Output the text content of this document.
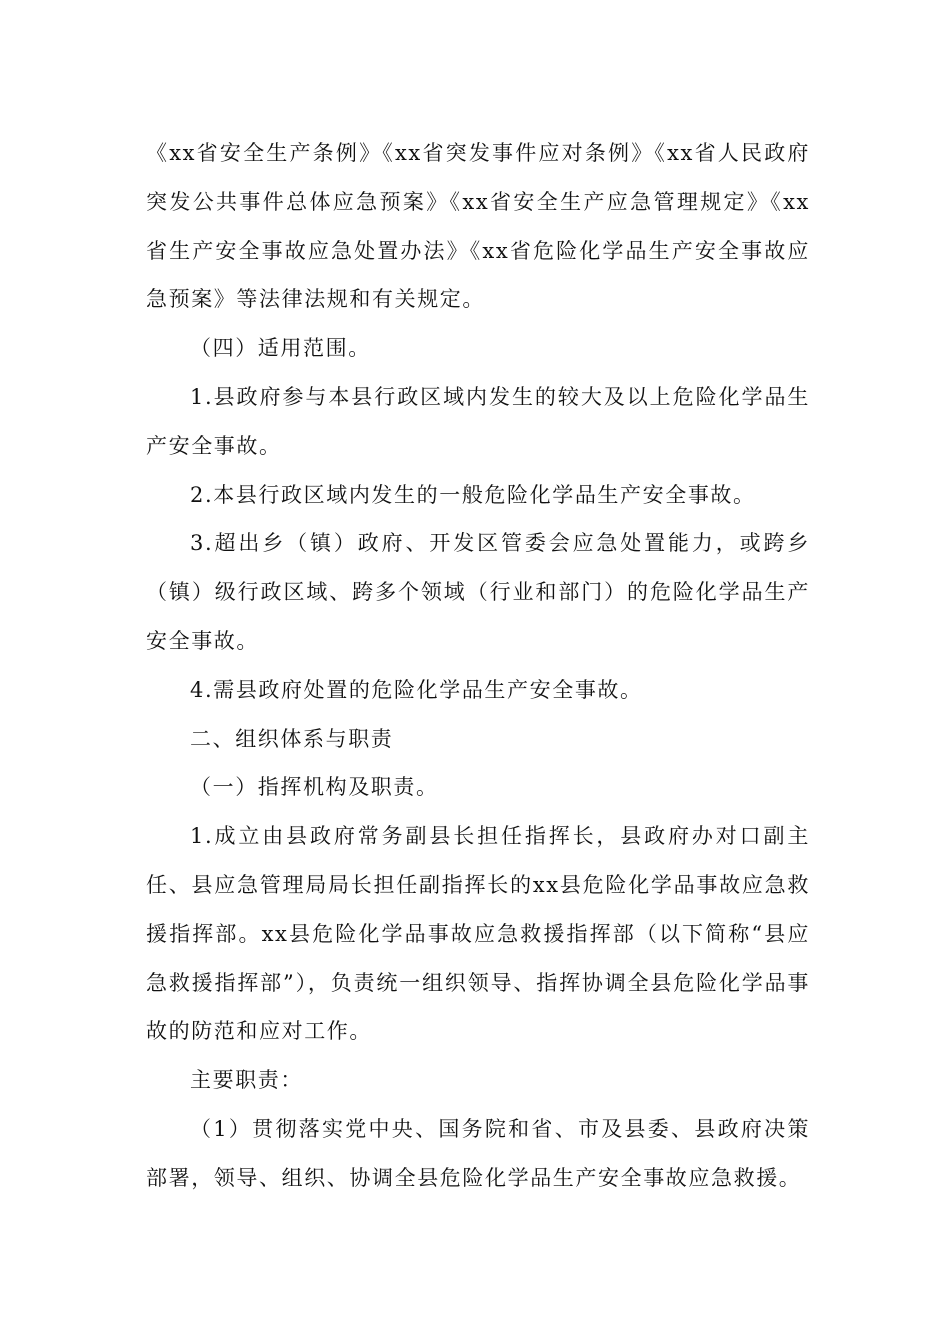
《xx省安全生产条例》《xx省突发事件应对条例》《xx省人民政府突发公共事件总体应急预案》《xx省安全生产应急管理规定》《xx省生产安全事故应急处置办法》《xx省危险化学品生产安全事故应急预案》等法律法规和有关规定。

（四）适用范围。

1.县政府参与本县行政区域内发生的较大及以上危险化学品生产安全事故。

2.本县行政区域内发生的一般危险化学品生产安全事故。

3.超出乡（镇）政府、开发区管委会应急处置能力，或跨乡（镇）级行政区域、跨多个领域（行业和部门）的危险化学品生产安全事故。

4.需县政府处置的危险化学品生产安全事故。

二、组织体系与职责

（一）指挥机构及职责。

1.成立由县政府常务副县长担任指挥长，县政府办对口副主任、县应急管理局局长担任副指挥长的xx县危险化学品事故应急救援指挥部。xx县危险化学品事故应急救援指挥部（以下简称“县应急救援指挥部”），负责统一组织领导、指挥协调全县危险化学品事故的防范和应对工作。

主要职责：

（1）贯彻落实党中央、国务院和省、市及县委、县政府决策部署，领导、组织、协调全县危险化学品生产安全事故应急救援。
